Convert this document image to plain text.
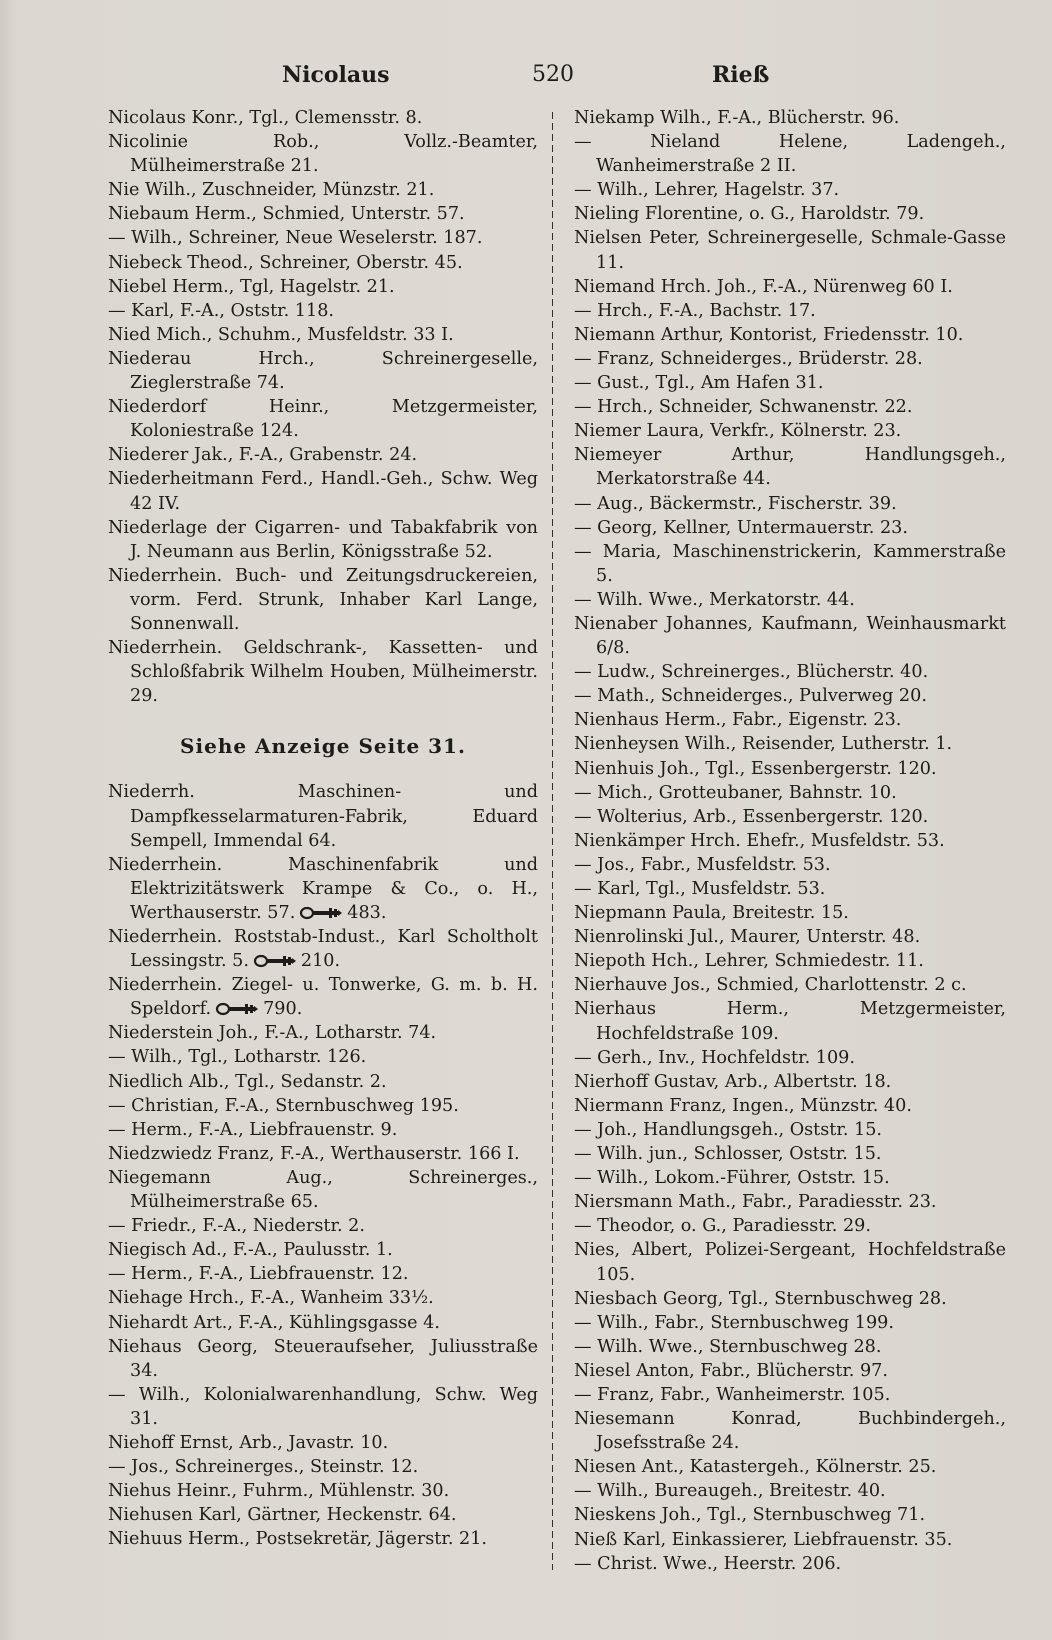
Nicolaus	520	Rieß

Nicolaus Konr., Tgl., Clemensstr. 8.

Nicolinie Rob., Vollz.-Beamter, Mülheimerstraße 21.

Nie Wilh., Zuschneider, Münzstr. 21.

Niebaum Herm., Schmied, Unterstr. 57.

— Wilh., Schreiner, Neue Weselerstr. 187.

Niebeck Theod., Schreiner, Oberstr. 45.

Niebel Herm., Tgl, Hagelstr. 21.

— Karl, F.-A., Oststr. 118.

Nied Mich., Schuhm., Musfeldstr. 33 I.

Niederau Hrch., Schreinergeselle, Zieglerstraße 74.

Niederdorf Heinr., Metzgermeister, Koloniestraße 124.

Niederer Jak., F.-A., Grabenstr. 24.

Niederheitmann Ferd., Handl.-Geh., Schw. Weg 42 IV.

Niederlage der Cigarren- und Tabakfabrik von J. Neumann aus Berlin, Königsstraße 52.

Niederrhein. Buch- und Zeitungsdruckereien, vorm. Ferd. Strunk, Inhaber Karl Lange, Sonnenwall.

Niederrhein. Geldschrank-, Kassetten- und Schloßfabrik Wilhelm Houben, Mülheimerstr. 29.

Siehe Anzeige Seite 31.

Niederrh. Maschinen- und Dampfkesselarmaturen-Fabrik, Eduard Sempell, Immendal 64.

Niederrhein. Maschinenfabrik und Elektrizitätswerk Krampe & Co., o. H., Werthauserstr. 57.	483.

Niederrhein. Roststab-Indust., Karl Scholtholt Lessingstr. 5.	210.

Niederrhein. Ziegel- u. Tonwerke, G. m. b. H. Speldorf.	790.

Niederstein Joh., F.-A., Lotharstr. 74.

— Wilh., Tgl., Lotharstr. 126.

Niedlich Alb., Tgl., Sedanstr. 2.

— Christian, F.-A., Sternbuschweg 195.

— Herm., F.-A., Liebfrauenstr. 9.

Niedzwiedz Franz, F.-A., Werthauserstr. 166 I.

Niegemann Aug., Schreinerges., Mülheimerstraße 65.

— Friedr., F.-A., Niederstr. 2.

Niegisch Ad., F.-A., Paulusstr. 1.

— Herm., F.-A., Liebfrauenstr. 12.

Niehage Hrch., F.-A., Wanheim 33½.

Niehardt Art., F.-A., Kühlingsgasse 4.

Niehaus Georg, Steueraufseher, Juliusstraße 34.

— Wilh., Kolonialwarenhandlung, Schw. Weg 31.

Niehoff Ernst, Arb., Javastr. 10.

— Jos., Schreinerges., Steinstr. 12.

Niehus Heinr., Fuhrm., Mühlenstr. 30.

Niehusen Karl, Gärtner, Heckenstr. 64.

Niehuus Herm., Postsekretär, Jägerstr. 21.

Niekamp Wilh., F.-A., Blücherstr. 96.

— Nieland Helene, Ladengeh., Wanheimerstraße 2 II.

— Wilh., Lehrer, Hagelstr. 37.

Nieling Florentine, o. G., Haroldstr. 79.

Nielsen Peter, Schreinergeselle, Schmale-Gasse 11.

Niemand Hrch. Joh., F.-A., Nürenweg 60 I.

— Hrch., F.-A., Bachstr. 17.

Niemann Arthur, Kontorist, Friedensstr. 10.

— Franz, Schneiderges., Brüderstr. 28.

— Gust., Tgl., Am Hafen 31.

— Hrch., Schneider, Schwanenstr. 22.

Niemer Laura, Verkfr., Kölnerstr. 23.

Niemeyer Arthur, Handlungsgeh., Merkatorstraße 44.

— Aug., Bäckermstr., Fischerstr. 39.

— Georg, Kellner, Untermauerstr. 23.

— Maria, Maschinenstrickerin, Kammerstraße 5.

— Wilh. Wwe., Merkatorstr. 44.

Nienaber Johannes, Kaufmann, Weinhausmarkt 6/8.

— Ludw., Schreinerges., Blücherstr. 40.

— Math., Schneiderges., Pulverweg 20.

Nienhaus Herm., Fabr., Eigenstr. 23.

Nienheysen Wilh., Reisender, Lutherstr. 1.

Nienhuis Joh., Tgl., Essenbergerstr. 120.

— Mich., Grotteubaner, Bahnstr. 10.

— Wolterius, Arb., Essenbergerstr. 120.

Nienkämper Hrch. Ehefr., Musfeldstr. 53.

— Jos., Fabr., Musfeldstr. 53.

— Karl, Tgl., Musfeldstr. 53.

Niepmann Paula, Breitestr. 15.

Nienrolinski Jul., Maurer, Unterstr. 48.

Niepoth Hch., Lehrer, Schmiedestr. 11.

Nierhauve Jos., Schmied, Charlottenstr. 2 c.

Nierhaus Herm., Metzgermeister, Hochfeldstraße 109.

— Gerh., Inv., Hochfeldstr. 109.

Nierhoff Gustav, Arb., Albertstr. 18.

Niermann Franz, Ingen., Münzstr. 40.

— Joh., Handlungsgeh., Oststr. 15.

— Wilh. jun., Schlosser, Oststr. 15.

— Wilh., Lokom.-Führer, Oststr. 15.

Niersmann Math., Fabr., Paradiesstr. 23.

— Theodor, o. G., Paradiesstr. 29.

Nies, Albert, Polizei-Sergeant, Hochfeldstraße 105.

Niesbach Georg, Tgl., Sternbuschweg 28.

— Wilh., Fabr., Sternbuschweg 199.

— Wilh. Wwe., Sternbuschweg 28.

Niesel Anton, Fabr., Blücherstr. 97.

— Franz, Fabr., Wanheimerstr. 105.

Niesemann Konrad, Buchbindergeh., Josefsstraße 24.

Niesen Ant., Katastergeh., Kölnerstr. 25.

— Wilh., Bureaugeh., Breitestr. 40.

Nieskens Joh., Tgl., Sternbuschweg 71.

Nieß Karl, Einkassierer, Liebfrauenstr. 35.

— Christ. Wwe., Heerstr. 206.
